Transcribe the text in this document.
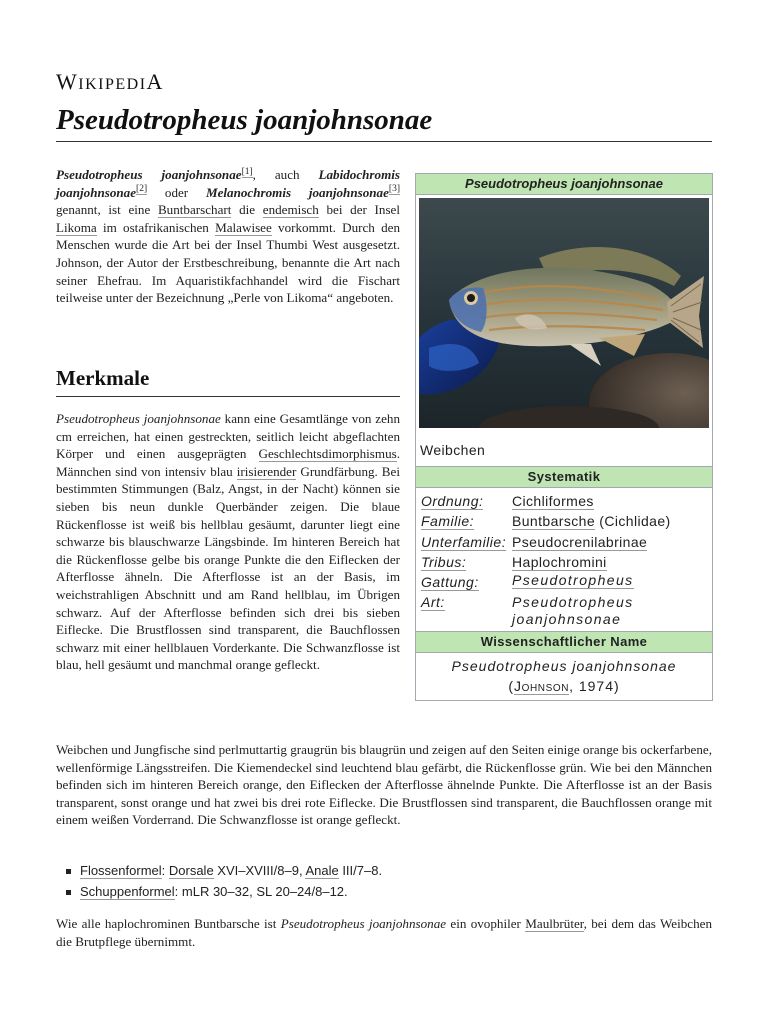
WIKIPEDIA
Pseudotropheus joanjohnsonae

Pseudotropheus joanjohnsonae[1], auch Labidochromis joanjohnsonae[2] oder Melanochromis joanjohnsonae[3] genannt, ist eine Buntbarschart die endemisch bei der Insel Likoma im ostafrikanischen Malawisee vorkommt. Durch den Menschen wurde die Art bei der Insel Thumbi West ausgesetzt. Johnson, der Autor der Erstbeschreibung, benannte die Art nach seiner Ehefrau. Im Aquaristikfachhandel wird die Fischart teilweise unter der Bezeichnung „Perle von Likoma“ angeboten.

Merkmale

Pseudotropheus joanjohnsonae kann eine Gesamtlänge von zehn cm erreichen, hat einen gestreckten, seitlich leicht abgeflachten Körper und einen ausgeprägten Geschlechtsdimorphismus. Männchen sind von intensiv blau irisierender Grundfärbung. Bei bestimmten Stimmungen (Balz, Angst, in der Nacht) können sie sieben bis neun dunkle Querbänder zeigen. Die blaue Rückenflosse ist weiß bis hellblau gesäumt, darunter liegt eine schwarze bis blauschwarze Längsbinde. Im hinteren Bereich hat die Rückenflosse gelbe bis orange Punkte die den Eiflecken der Afterflosse ähneln. Die Afterflosse ist an der Basis, im weichstrahligen Abschnitt und am Rand hellblau, im Übrigen schwarz. Auf der Afterflosse befinden sich drei bis sieben Eiflecke. Die Brustflossen sind transparent, die Bauchflossen schwarz mit einer hellblauen Vorderkante. Die Schwanzflosse ist blau, hell gesäumt und manchmal orange gefleckt.

Weibchen und Jungfische sind perlmuttartig graugrün bis blaugrün und zeigen auf den Seiten einige orange bis ockerfarbene, wellenförmige Längsstreifen. Die Kiemendeckel sind leuchtend blau gefärbt, die Rückenflosse grün. Wie bei den Männchen befinden sich im hinteren Bereich orange, den Eiflecken der Afterflosse ähnelnde Punkte. Die Afterflosse ist an der Basis transparent, sonst orange und hat zwei bis drei rote Eiflecke. Die Brustflossen sind transparent, die Bauchflossen orange mit einem weißen Vorderrand. Die Schwanzflosse ist orange gefleckt.

Flossenformel: Dorsale XVI–XVIII/8–9, Anale III/7–8.
Schuppenformel: mLR 30–32, SL 20–24/8–12.

Wie alle haplochrominen Buntbarsche ist Pseudotropheus joanjohnsonae ein ovophiler Maulbrüter, bei dem das Weibchen die Brutpflege übernimmt.

Pseudotropheus joanjohnsonae
Weibchen
Systematik
Ordnung:	Cichliformes
Familie:	Buntbarsche (Cichlidae)
Unterfamilie: Pseudocrenilabrinae
Tribus:	Haplochromini
Gattung:	Pseudotropheus
Art:	Pseudotropheus joanjohnsonae
Wissenschaftlicher Name
Pseudotropheus joanjohnsonae
(Johnson, 1974)
